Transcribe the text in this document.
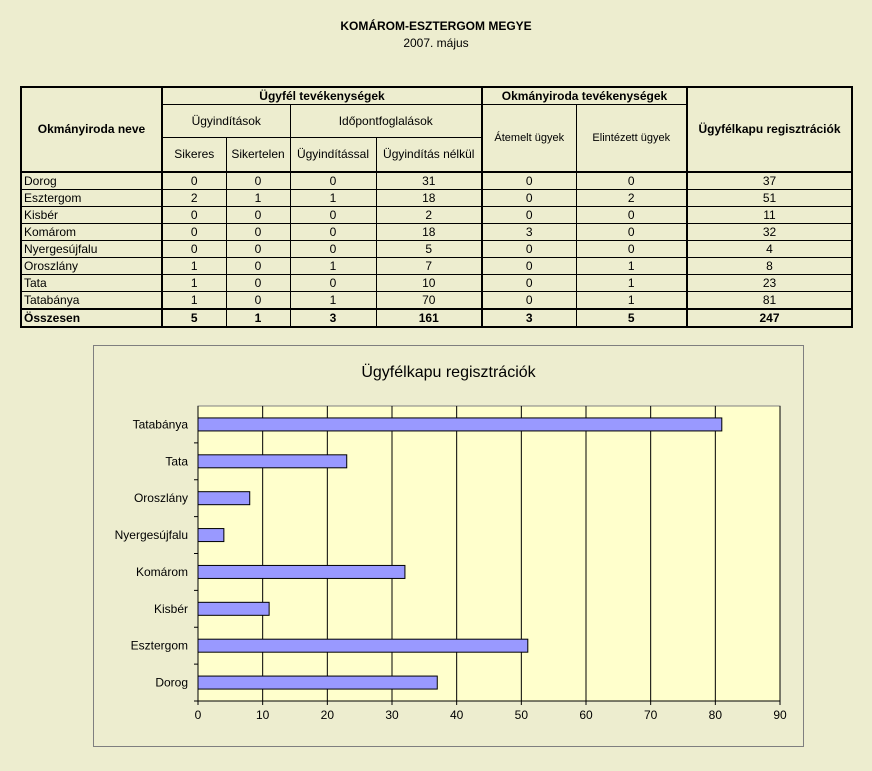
KOMÁROM-ESZTERGOM MEGYE
2007. május
Okmányiroda neve	Ügyfél tevékenységek				Okmányiroda tevékenységek		Ügyfélkapu regisztrációk
	Ügyindítások		Időpontfoglalások		Átemelt ügyek	Elintézett ügyek	
	Sikeres	Sikertelen	Ügyindítással	Ügyindítás nélkül			
Dorog	0	0	0	31	0	0	37
Esztergom	2	1	1	18	0	2	51
Kisbér	0	0	0	2	0	0	11
Komárom	0	0	0	18	3	0	32
Nyergesújfalu	0	0	0	5	0	0	4
Oroszlány	1	0	1	7	0	1	8
Tata	1	0	0	10	0	1	23
Tatabánya	1	0	1	70	0	1	81
Összesen	5	1	3	161	3	5	247
Ügyfélkapu regisztrációk
0	10	20	30	40	50	60	70	80	90
Dorog
Esztergom
Kisbér
Komárom
Nyergesújfalu
Oroszlány
Tata
Tatabánya
